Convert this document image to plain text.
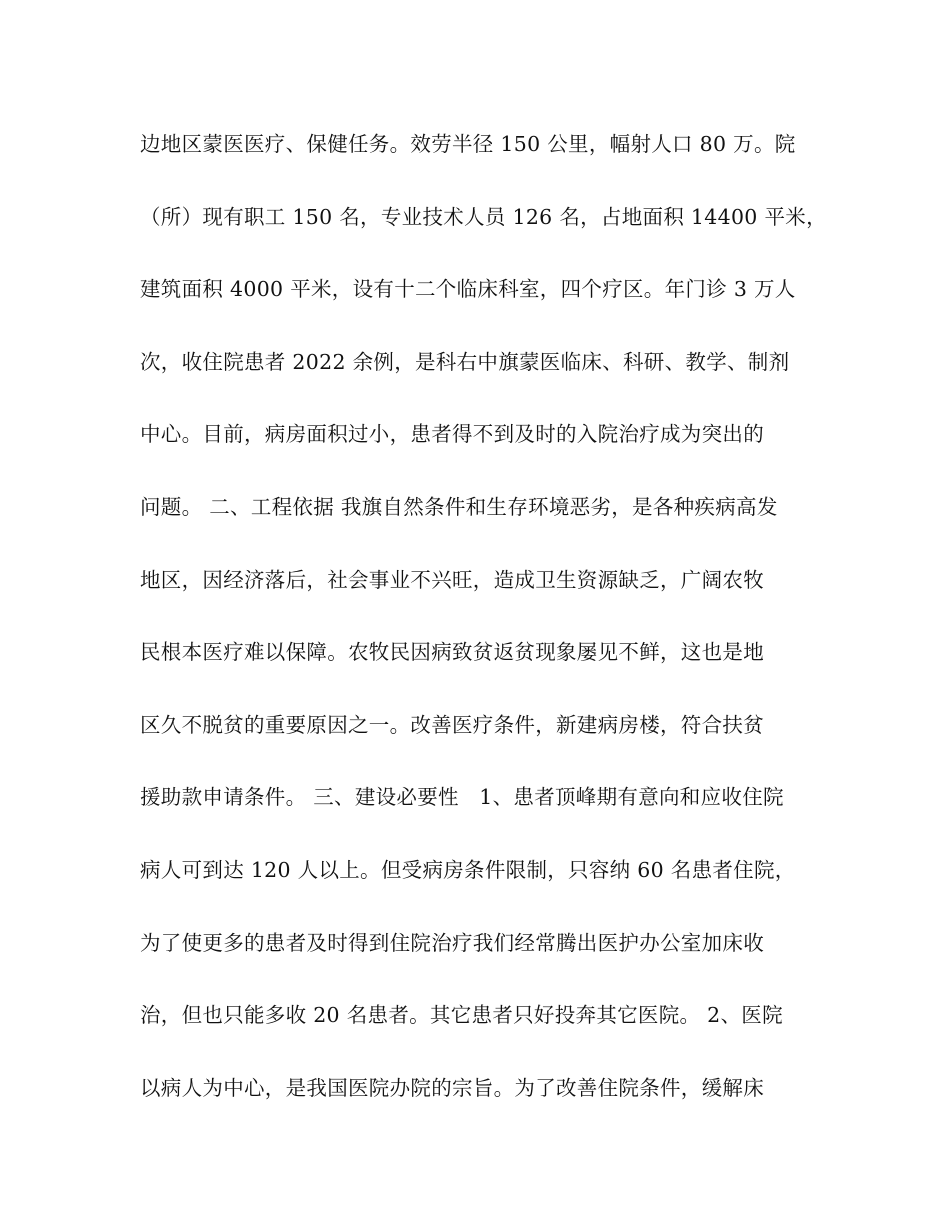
边地区蒙医医疗、保健任务。效劳半径 150 公里，幅射人口 80 万。院
（所）现有职工 150 名，专业技术人员 126 名，占地面积 14400 平米，
建筑面积 4000 平米，设有十二个临床科室，四个疗区。年门诊 3 万人
次，收住院患者 2022 余例，是科右中旗蒙医临床、科研、教学、制剂
中心。目前，病房面积过小，患者得不到及时的入院治疗成为突出的
问题。 二、工程依据 我旗自然条件和生存环境恶劣，是各种疾病高发
地区，因经济落后，社会事业不兴旺，造成卫生资源缺乏，广阔农牧
民根本医疗难以保障。农牧民因病致贫返贫现象屡见不鲜，这也是地
区久不脱贫的重要原因之一。改善医疗条件，新建病房楼，符合扶贫
援助款申请条件。 三、建设必要性   1、患者顶峰期有意向和应收住院
病人可到达 120 人以上。但受病房条件限制，只容纳 60 名患者住院，
为了使更多的患者及时得到住院治疗我们经常腾出医护办公室加床收
治，但也只能多收 20 名患者。其它患者只好投奔其它医院。 2、医院
以病人为中心，是我国医院办院的宗旨。为了改善住院条件，缓解床
